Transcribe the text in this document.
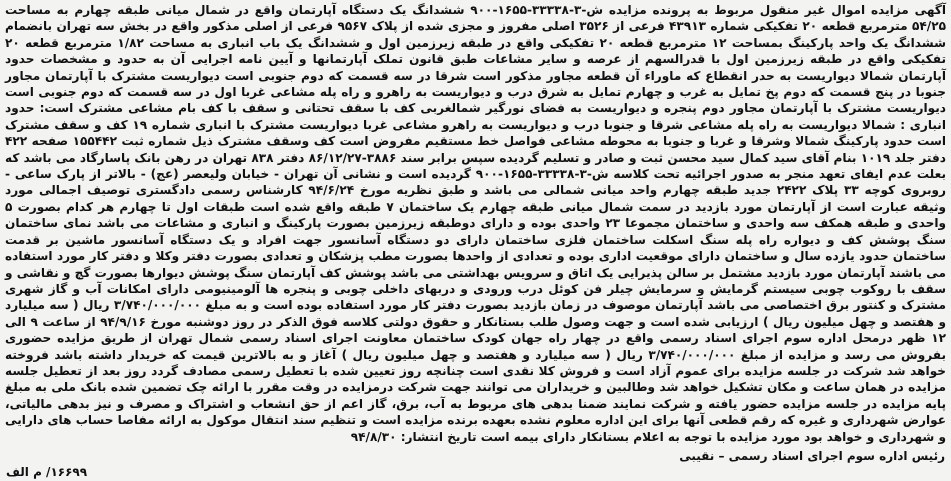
آگهی مزایده اموال غیر منقول مربوط به پرونده مزایده ش-۳-۳۳۳۳۸-۱۶۵۵-۹۰۰ ششدانگ یک دستگاه آپارتمان واقع در شمال میانی طبقه چهارم به مساحت ۵۴/۲۵ مترمربع قطعه ۲۰ تفکیکی شماره ۴۳۹۱۳ فرعی از ۳۵۲۶ اصلی مفروز و مجزی شده از پلاک ۹۵۶۷ فرعی از اصلی مذکور واقع در بخش سه تهران بانضمام ششدانگ یک واحد پارکینگ بمساحت ۱۲ مترمربع قطعه ۲۰ تفکیکی واقع در طبقه زیرزمین اول و ششدانگ یک باب انباری به مساحت ۱/۸۲ مترمربع قطعه ۲۰ تفکیکی واقع در طبقه زیرزمین اول با قدرالسهم از عرصه و سایر مشاعات طبق قانون تملک آپارتمانها و آیین نامه اجرایی آن به حدود و مشخصات حدود آپارتمان شمالا دیواریست به حدر انقطاع که ماوراء آن قطعه مجاور مذکور است شرقا در سه قسمت که دوم جنوبی است دیواریست مشترک با آپارتمان مجاور جنوبا در پنج قسمت که دوم پخ تمایل به غرب و چهارم تمایل به شرق درب و دیواریست به راهرو و راه پله مشاعی غربا اول در سه قسمت که دوم جنوبی است دیواریست مشترک با آپارتمان مجاور دوم پنجره و دیواریست به فضای نورگیر شمالغربی کف با سقف تحتانی و سقف با کف بام مشاعی مشترک است: حدود انباری : شمالا دیواریست به راه پله مشاعی شرقا و جنوبا درب و دیواریست به راهرو مشاعی غربا دیواریست مشترک با انباری شماره ۱۹ کف و سقف مشترک است حدود پارکینگ شمالا وشرقا و غربا و جنوبا به محوطه مشاعی فواصل خط مستقیم مفروض است کف وسقف مشترک ذیل شماره ثبت ۱۵۵۴۴۲ صفحه ۴۲۲ دفتر جلد ۱۰۱۹ بنام آقای سید کمال سید محسن ثبت و صادر و تسلیم گردیده سپس برابر سند ۳۸۸۶-۸۶/۱۲/۲۷ دفتر ۸۳۸ تهران در رهن بانک پاسارگاد می باشد که بعلت عدم ایفای تعهد منجر به صدور اجرائیه تحت کلاسه ش-۳-۳۳۳۳۸-۱۶۵۵-۹۰۰ گردیده است و نشانی آن تهران - خیابان ولیعصر (عج) - بالاتر از پارک ساعی - روبروی کوچه ۳۳ پلاک ۲۴۲۲ جدید طبقه چهارم واحد میانی شمالی می باشد و طبق نظریه مورخ ۹۴/۶/۲۴ کارشناس رسمی دادگستری توصیف اجمالی مورد وثیقه عبارت است از آپارتمان مورد بازدید در سمت شمال میانی طبقه چهارم یک ساختمان ۷ طبقه واقع شده است طبقات اول تا چهارم هر کدام بصورت ۵ واحدی و طبقه همکف سه واحدی و ساختمان مجموعا ۲۳ واحدی بوده و دارای دوطبقه زیرزمین بصورت پارکینگ و انباری و مشاعات می باشد نمای ساختمان سنگ پوشش کف و دیواره راه پله سنگ اسکلت ساختمان فلزی ساختمان دارای دو دستگاه آسانسور جهت افراد و یک دستگاه آسانسور ماشین بر قدمت ساختمان حدود یازده سال و ساختمان دارای موقعیت اداری بوده و تعدادی از واحدها بصورت مطب پزشکان و تعدادی بصورت دفتر وکلا و دفتر کار مورد استفاده می باشند آپارتمان مورد بازدید مشتمل بر سالن پذیرایی یک اتاق و سرویس بهداشتی می باشد پوشش کف آپارتمان سنگ پوشش دیوارها بصورت گچ و نقاشی و سقف با روکوب چوبی سیستم گرمایش و سرمایش چیلر فن کوئل درب ورودی و دربهای داخلی چوبی و پنجره ها آلومینیومی دارای امکانات آب و گاز شهری مشترک و کنتور برق اختصاصی می باشد آپارتمان موصوف در زمان بازدید بصورت دفتر کار مورد استفاده بوده است و به مبلغ ۳/۷۴۰/۰۰۰/۰۰۰ ریال ( سه میلیارد و هفتصد و چهل میلیون ریال ) ارزیابی شده است و جهت وصول طلب بستانکار و حقوق دولتی کلاسه فوق الذکر در روز دوشنبه مورخ ۹۴/۹/۱۶ از ساعت ۹ الی ۱۲ ظهر درمحل اداره سوم اجرای اسناد رسمی واقع در چهار راه جهان کودک ساختمان معاونت اجرای اسناد رسمی شمال تهران از طریق مزایده حضوری بفروش می رسد و مزایده از مبلغ ۳/۷۴۰/۰۰۰/۰۰۰ ریال ( سه میلیارد و هفتصد و چهل میلیون ریال ) آغاز و به بالاترین قیمت که خریدار داشته باشد فروخته خواهد شد شرکت در جلسه مزایده برای عموم آزاد است و فروش کلا نقدی است چنانچه روز تعیین شده با تعطیل رسمی مصادف گردد روز بعد از تعطیل جلسه مزایده در همان ساعت و مکان تشکیل خواهد شد وطالبین و خریداران می توانند جهت شرکت درمزایده در وقت مقرر با ارائه چک تضمین شده بانک ملی به مبلغ پایه مزایده در جلسه مزایده حضور یافته و شرکت نمایند ضمنا بدهی های مربوط به آب، برق، گاز اعم از حق انشعاب و اشتراک و مصرف و نیز بدهی مالیاتی، عوارض شهرداری و غیره که رقم قطعی آنها برای این اداره معلوم نشده بعهده برنده مزایده است و تنظیم سند انتقال موکول به ارائه مفاصا حساب های دارایی و شهرداری و خواهد بود مورد مزایده با توجه به اعلام بستانکار دارای بیمه است تاریخ انتشار: ۹۴/۸/۳۰

رئیس اداره سوم اجرای اسناد رسمی – نقیبی
۱۶۶۹۹/ م الف
